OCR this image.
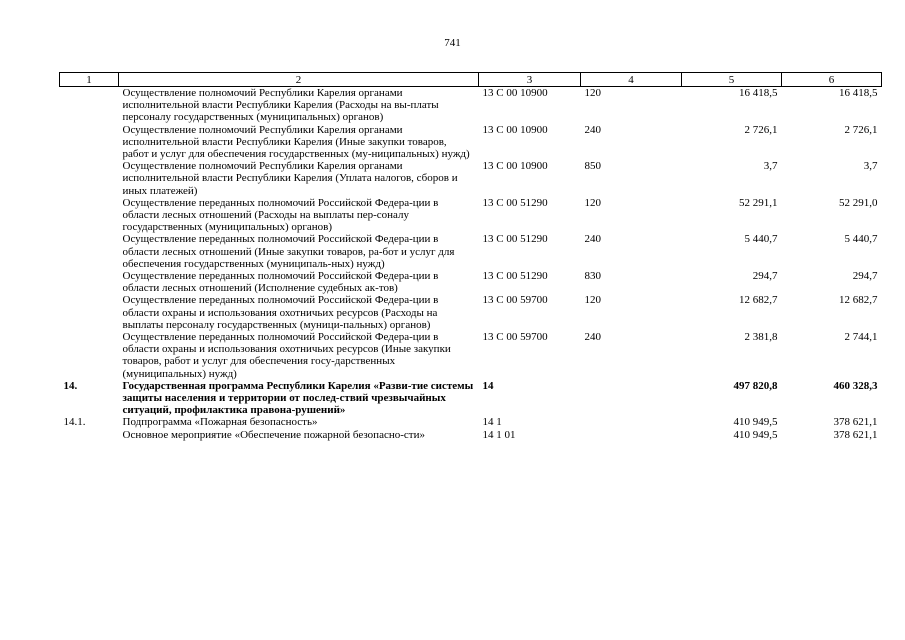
741
1	2	3	4	5	6
	Осуществление полномочий Республики Карелия органами исполнительной власти Республики Карелия (Расходы на вы-платы персоналу государственных (муниципальных) органов)	13 С 00 10900	120	16 418,5	16 418,5
	Осуществление полномочий Республики Карелия органами исполнительной власти Республики Карелия (Иные закупки товаров, работ и услуг для обеспечения государственных (му-ниципальных) нужд)	13 С 00 10900	240	2 726,1	2 726,1
	Осуществление полномочий Республики Карелия органами исполнительной власти Республики Карелия (Уплата налогов, сборов и иных платежей)	13 С 00 10900	850	3,7	3,7
	Осуществление переданных полномочий Российской Федера-ции в области лесных отношений (Расходы на выплаты пер-соналу государственных (муниципальных) органов)	13 С 00 51290	120	52 291,1	52 291,0
	Осуществление переданных полномочий Российской Федера-ции в области лесных отношений (Иные закупки товаров, ра-бот и услуг для обеспечения государственных (муниципаль-ных) нужд)	13 С 00 51290	240	5 440,7	5 440,7
	Осуществление переданных полномочий Российской Федера-ции в области лесных отношений (Исполнение судебных ак-тов)	13 С 00 51290	830	294,7	294,7
	Осуществление переданных полномочий Российской Федера-ции в области охраны и использования охотничьих ресурсов (Расходы на выплаты персоналу государственных (муници-пальных) органов)	13 С 00 59700	120	12 682,7	12 682,7
	Осуществление переданных полномочий Российской Федера-ции в области охраны и использования охотничьих ресурсов (Иные закупки товаров, работ и услуг для обеспечения госу-дарственных (муниципальных) нужд)	13 С 00 59700	240	2 381,8	2 744,1
14.	Государственная программа Республики Карелия «Разви-тие системы защиты населения и территории от послед-ствий чрезвычайных ситуаций, профилактика правона-рушений»	14		497 820,8	460 328,3
14.1.	Подпрограмма «Пожарная безопасность»	14 1		410 949,5	378 621,1
	Основное мероприятие «Обеспечение пожарной безопасно-сти»	14 1 01		410 949,5	378 621,1
